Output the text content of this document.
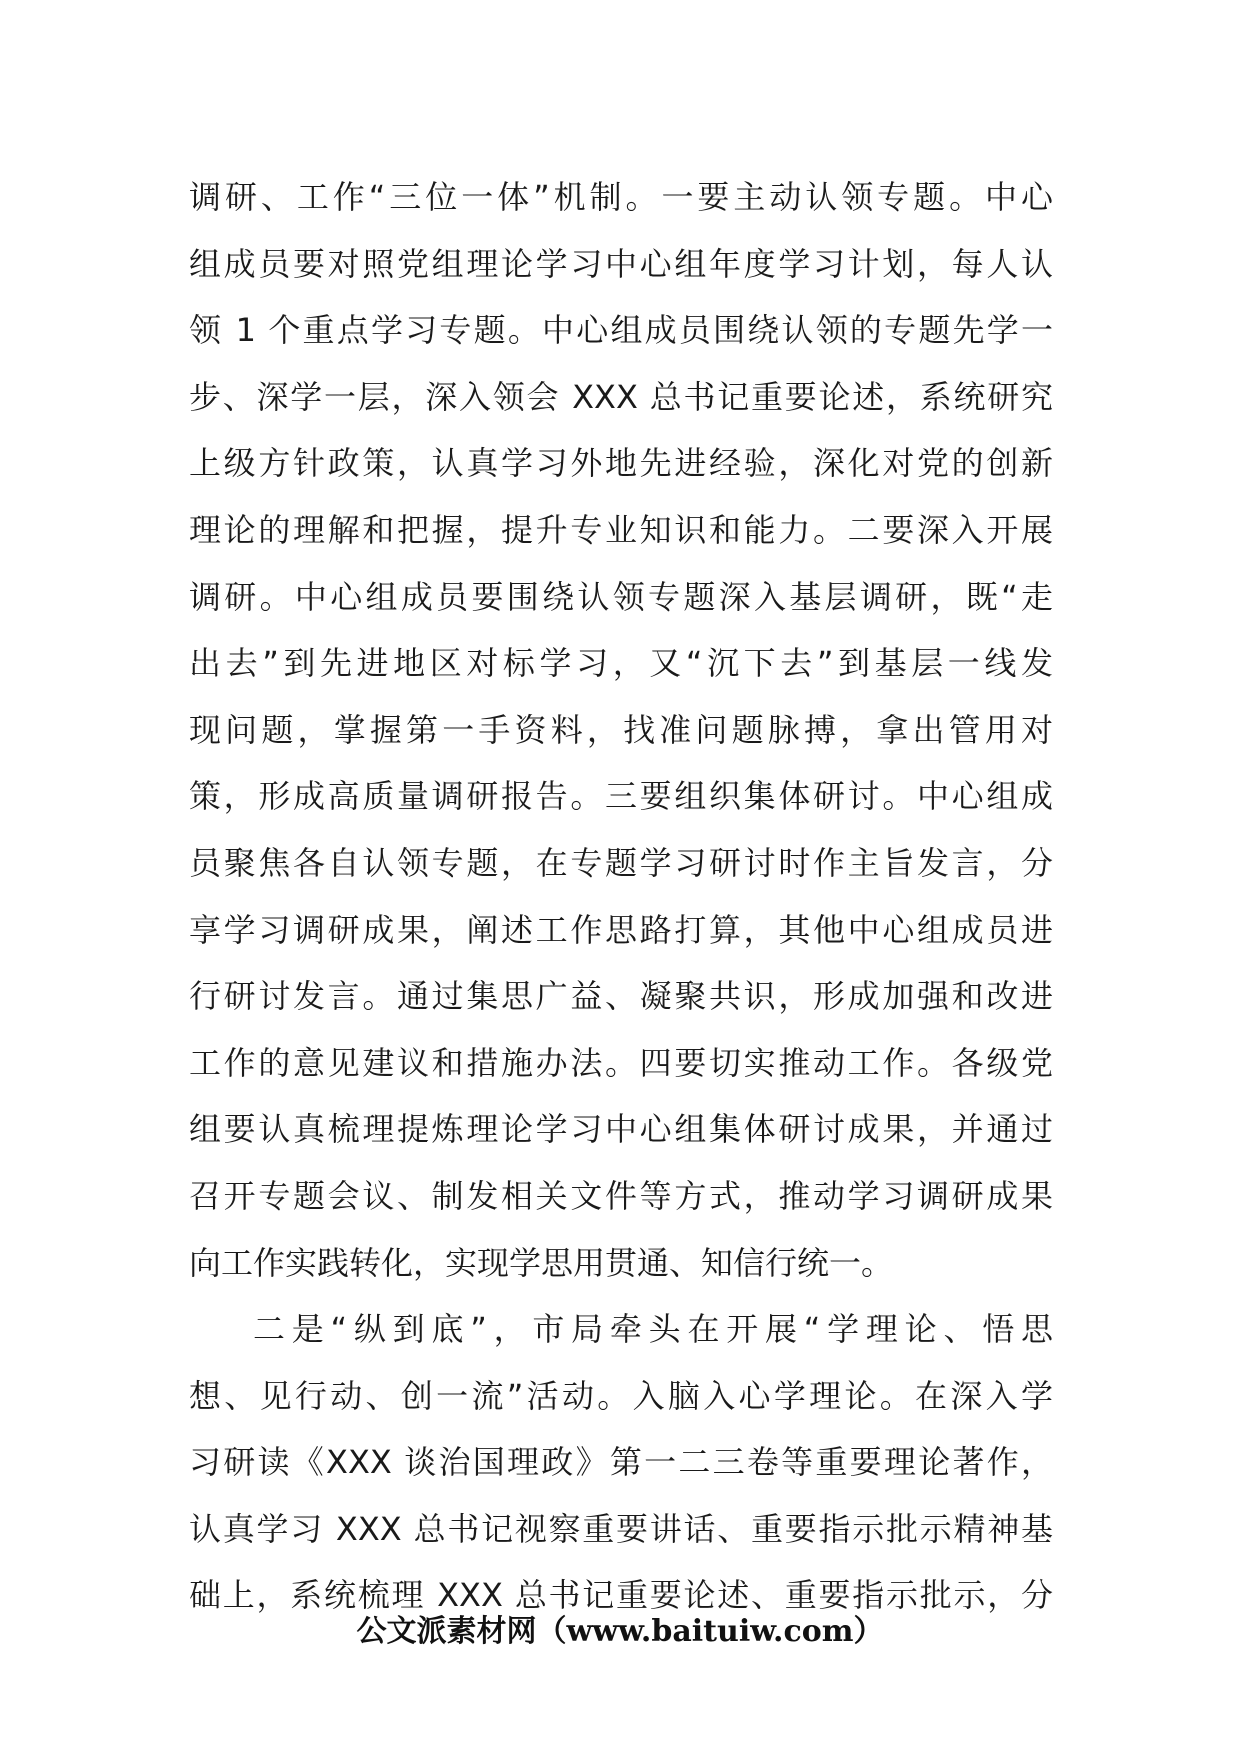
调研、工作“三位一体”机制。一要主动认领专题。中心
组成员要对照党组理论学习中心组年度学习计划，每人认
领 1 个重点学习专题。中心组成员围绕认领的专题先学一
步、深学一层，深入领会 XXX 总书记重要论述，系统研究
上级方针政策，认真学习外地先进经验，深化对党的创新
理论的理解和把握，提升专业知识和能力。二要深入开展
调研。中心组成员要围绕认领专题深入基层调研，既“走
出去”到先进地区对标学习，又“沉下去”到基层一线发
现问题，掌握第一手资料，找准问题脉搏，拿出管用对
策，形成高质量调研报告。三要组织集体研讨。中心组成
员聚焦各自认领专题，在专题学习研讨时作主旨发言，分
享学习调研成果，阐述工作思路打算，其他中心组成员进
行研讨发言。通过集思广益、凝聚共识，形成加强和改进
工作的意见建议和措施办法。四要切实推动工作。各级党
组要认真梳理提炼理论学习中心组集体研讨成果，并通过
召开专题会议、制发相关文件等方式，推动学习调研成果
向工作实践转化，实现学思用贯通、知信行统一。
二是“纵到底”，市局牵头在开展“学理论、悟思
想、见行动、创一流”活动。入脑入心学理论。在深入学
习研读《XXX 谈治国理政》第一二三卷等重要理论著作，
认真学习 XXX 总书记视察重要讲话、重要指示批示精神基
础上，系统梳理 XXX 总书记重要论述、重要指示批示，分
公文派素材网（www.baituiw.com）
